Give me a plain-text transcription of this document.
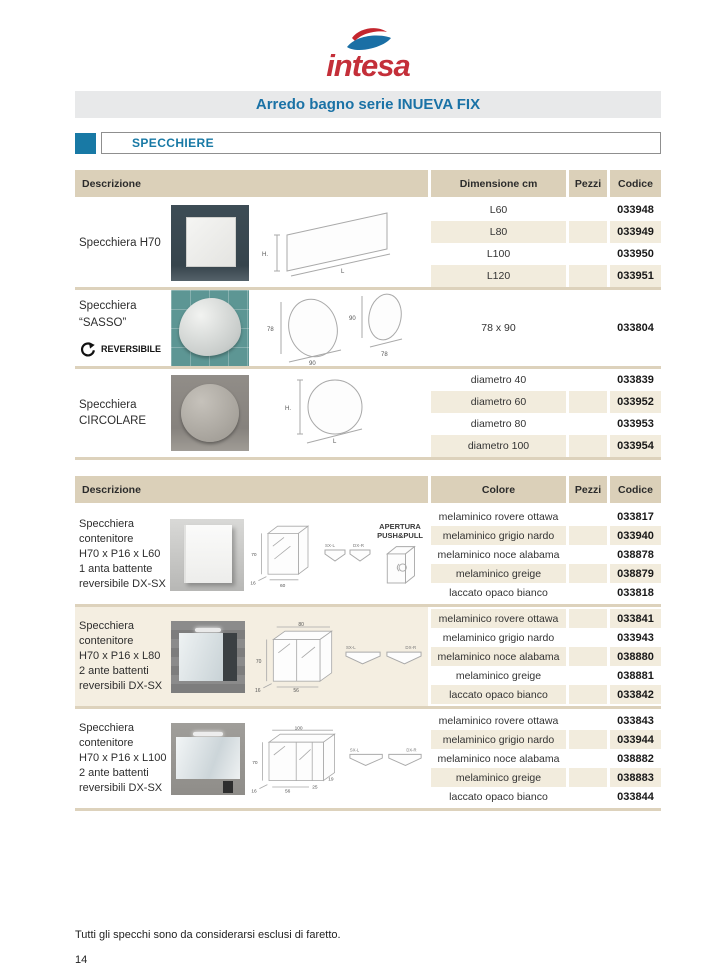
intesa
Arredo bagno serie INUEVA FIX
SPECCHIERE
Descrizione	Dimensione cm	Pezzi	Codice
Specchiera H70
H.
L
L60	033948
L80	033949
L100	033950
L120	033951
Specchiera
“SASSO”
REVERSIBILE
78
90
90
78
78 x 90	033804
Specchiera
CIRCOLARE
H.
L
diametro 40	033839
diametro 60	033952
diametro 80	033953
diametro 100	033954
Descrizione	Colore	Pezzi	Codice
Specchiera
contenitore
H70 x P16 x L60
1 anta battente
reversibile DX-SX
70
16	60
SX-L	DX-R
APERTURA
PUSH&PULL
melaminico rovere ottawa	033817
melaminico grigio nardo	033940
melaminico noce alabama	038878
melaminico greige	038879
laccato opaco bianco	033818
Specchiera
contenitore
H70 x P16 x L80
2 ante battenti
reversibili DX-SX
80
70
16	56
SX-L	DX-R
melaminico rovere ottawa	033841
melaminico grigio nardo	033943
melaminico noce alabama	038880
melaminico greige	038881
laccato opaco bianco	033842
Specchiera
contenitore
H70 x P16 x L100
2 ante battenti
reversibili DX-SX
100
70
16	56
25
19
SX-L	DX-R
melaminico rovere ottawa	033843
melaminico grigio nardo	033944
melaminico noce alabama	038882
melaminico greige	038883
laccato opaco bianco	033844
Tutti gli specchi sono da considerarsi esclusi di faretto.
14
